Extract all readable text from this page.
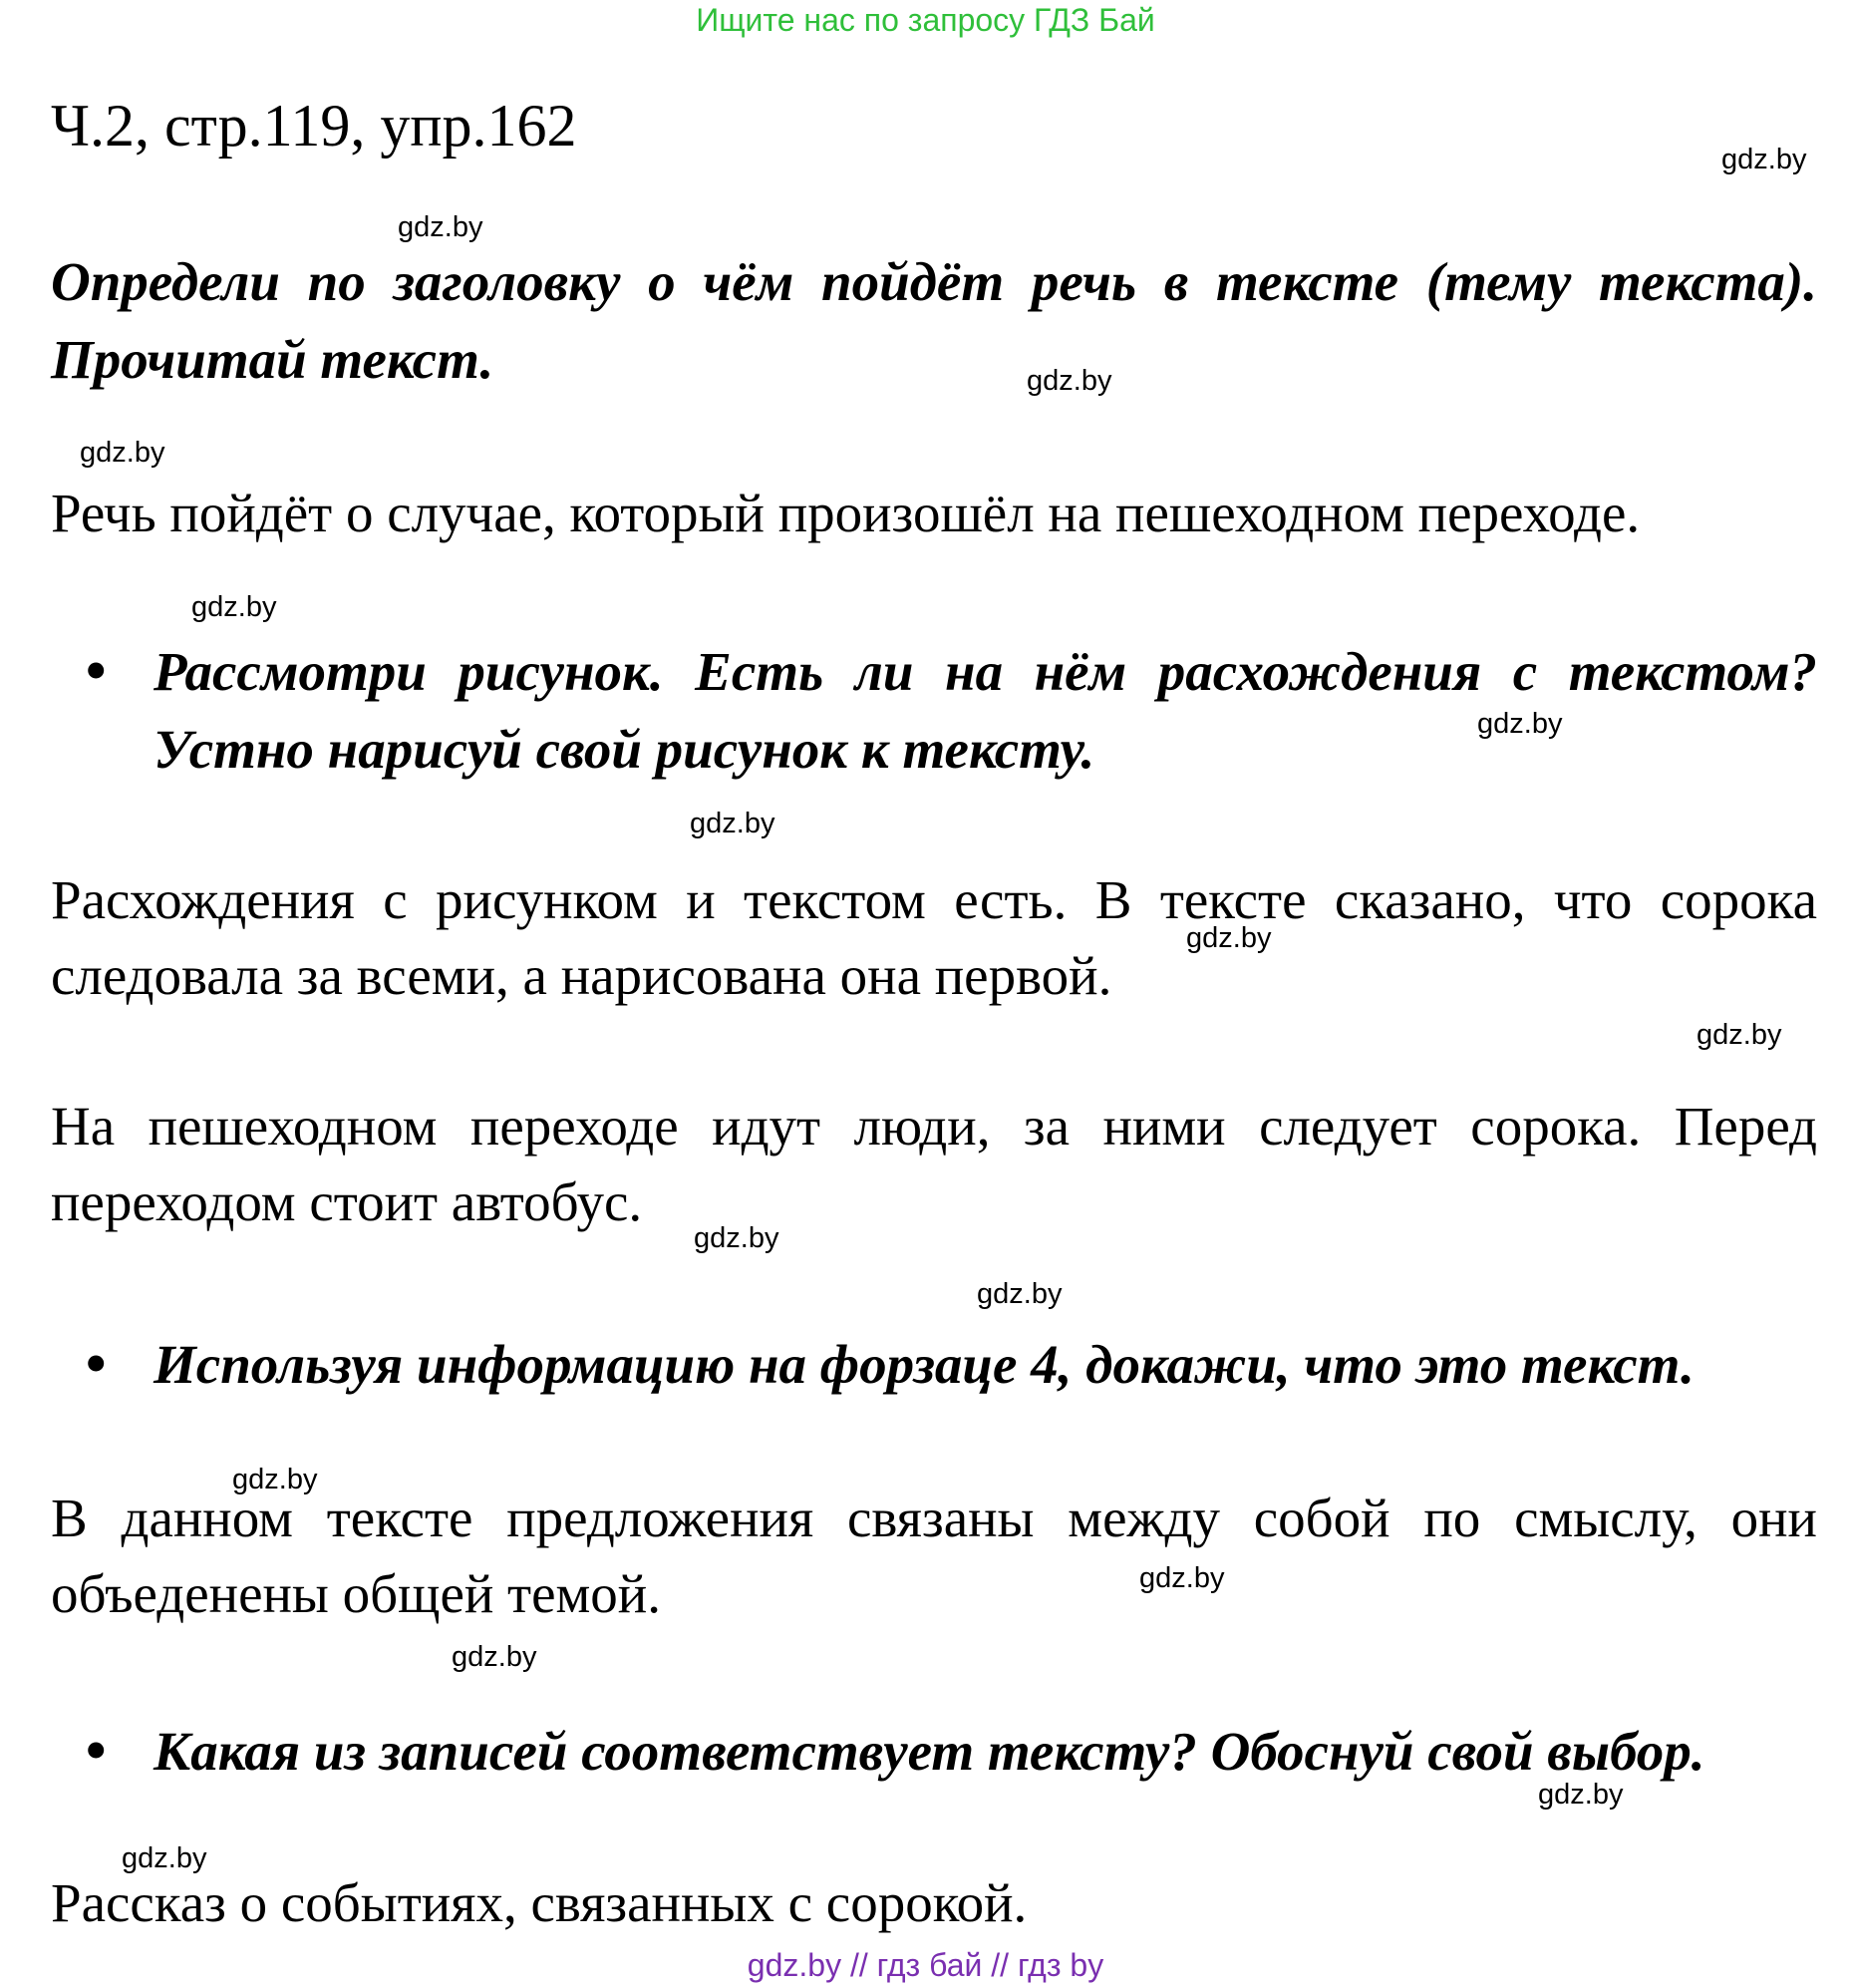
Ищите нас по запросу ГДЗ Бай
Ч.2, стр.119, упр.162
gdz.by
gdz.by
gdz.by
gdz.by
gdz.by
gdz.by
gdz.by
gdz.by
gdz.by
gdz.by
gdz.by
gdz.by
gdz.by
gdz.by
gdz.by
gdz.by
Определи по заголовку о чём пойдёт речь в тексте (тему текста). Прочитай текст.
Речь пойдёт о случае, который произошёл на пешеходном переходе.
• Рассмотри рисунок. Есть ли на нём расхождения с текстом? Устно нарисуй свой рисунок к тексту.
Расхождения с рисунком и текстом есть. В тексте сказано, что сорока следовала за всеми, а нарисована она первой.
На пешеходном переходе идут люди, за ними следует сорока. Перед переходом стоит автобус.
• Используя информацию на форзаце 4, докажи, что это текст.
В данном тексте предложения связаны между собой по смыслу, они объеденены общей темой.
• Какая из записей соответствует тексту? Обоснуй свой выбор.
Рассказ о событиях, связанных с сорокой.
gdz.by // гдз бай // гдз by
